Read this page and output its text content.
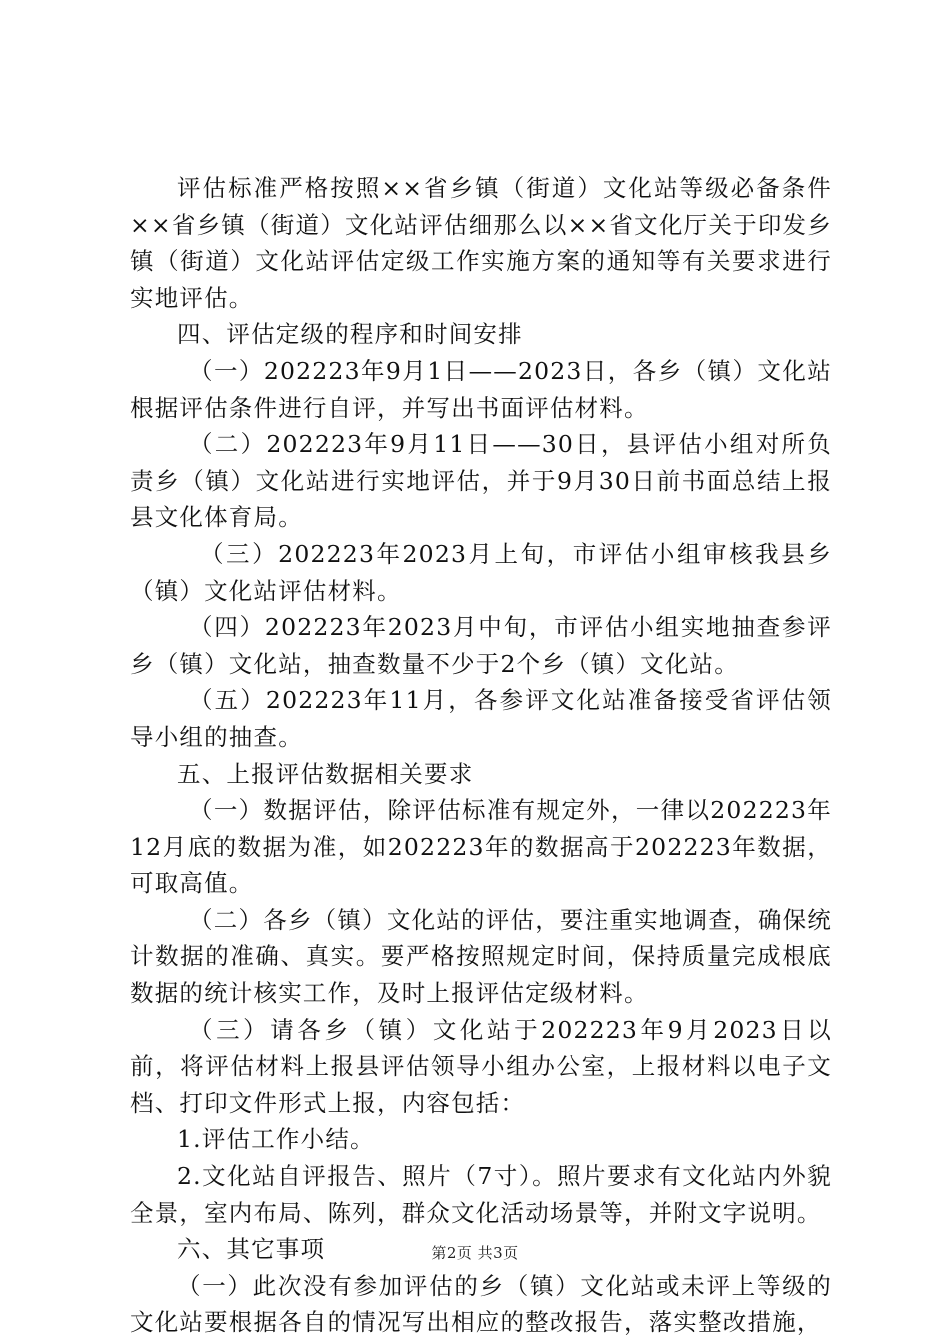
评估标准严格按照××省乡镇（街道）文化站等级必备条件××省乡镇（街道）文化站评估细那么以××省文化厅关于印发乡镇（街道）文化站评估定级工作实施方案的通知等有关要求进行实地评估。

四、评估定级的程序和时间安排

（一）202223年9月1日——2023日，各乡（镇）文化站根据评估条件进行自评，并写出书面评估材料。

（二）202223年9月11日——30日，县评估小组对所负责乡（镇）文化站进行实地评估，并于9月30日前书面总结上报县文化体育局。

（三）202223年2023月上旬，市评估小组审核我县乡（镇）文化站评估材料。

（四）202223年2023月中旬，市评估小组实地抽查参评乡（镇）文化站，抽查数量不少于2个乡（镇）文化站。

（五）202223年11月，各参评文化站准备接受省评估领导小组的抽查。

五、上报评估数据相关要求

（一）数据评估，除评估标准有规定外，一律以202223年12月底的数据为准，如202223年的数据高于202223年数据，可取高值。

（二）各乡（镇）文化站的评估，要注重实地调查，确保统计数据的准确、真实。要严格按照规定时间，保持质量完成根底数据的统计核实工作，及时上报评估定级材料。

（三）请各乡（镇）文化站于202223年9月2023日以前，将评估材料上报县评估领导小组办公室，上报材料以电子文档、打印文件形式上报，内容包括：

1.评估工作小结。

2.文化站自评报告、照片（7寸）。照片要求有文化站内外貌全景，室内布局、陈列，群众文化活动场景等，并附文字说明。

六、其它事项

（一）此次没有参加评估的乡（镇）文化站或未评上等级的文化站要根据各自的情况写出相应的整改报告，落实整改措施，

第2页 共3页
